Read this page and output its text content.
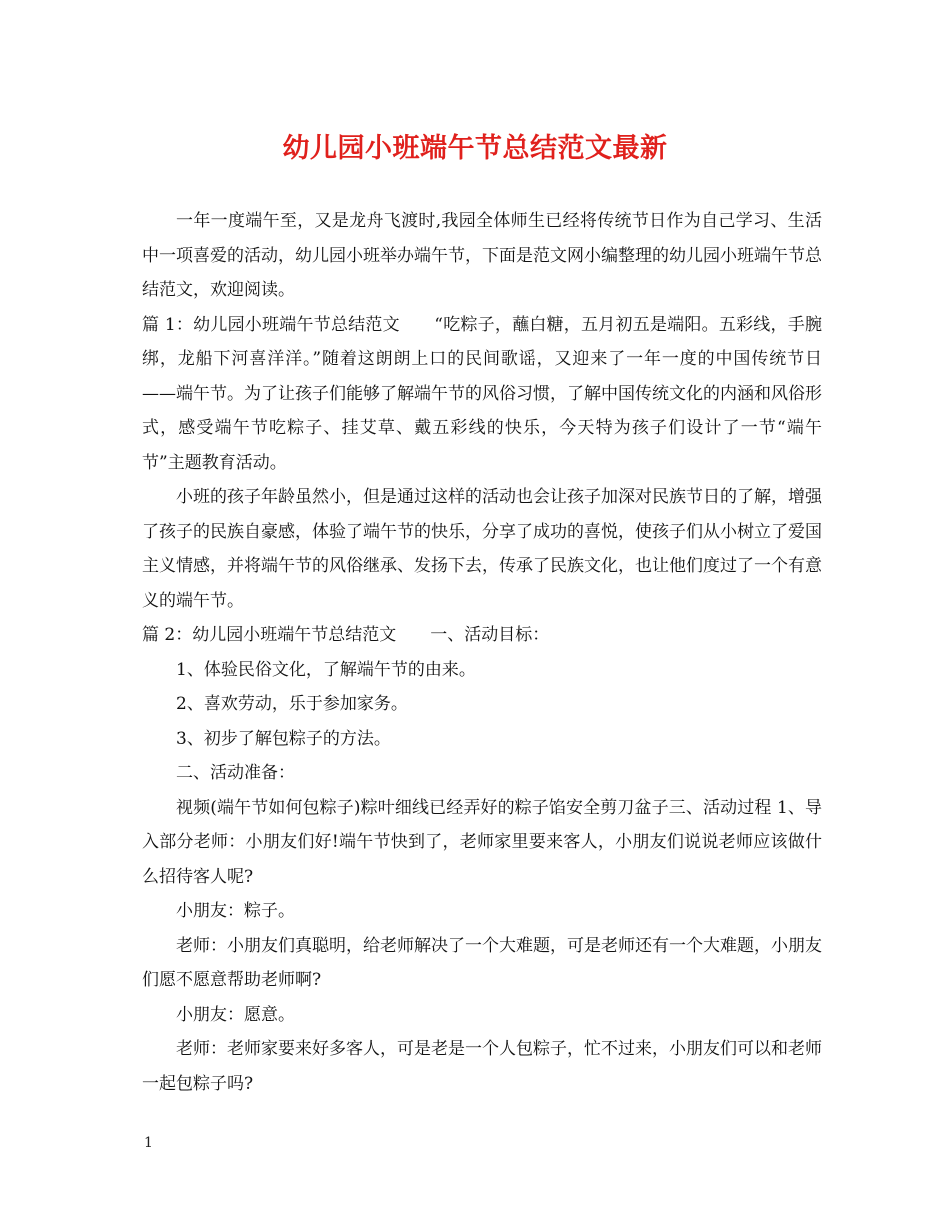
幼儿园小班端午节总结范文最新

一年一度端午至，又是龙舟飞渡时,我园全体师生已经将传统节日作为自己学习、生活中一项喜爱的活动，幼儿园小班举办端午节，下面是范文网小编整理的幼儿园小班端午节总结范文，欢迎阅读。

篇 1：幼儿园小班端午节总结范文　　“吃粽子，蘸白糖，五月初五是端阳。五彩线，手腕绑，龙船下河喜洋洋。”随着这朗朗上口的民间歌谣，又迎来了一年一度的中国传统节日——端午节。为了让孩子们能够了解端午节的风俗习惯，了解中国传统文化的内涵和风俗形式，感受端午节吃粽子、挂艾草、戴五彩线的快乐，今天特为孩子们设计了一节“端午节”主题教育活动。

小班的孩子年龄虽然小，但是通过这样的活动也会让孩子加深对民族节日的了解，增强了孩子的民族自豪感，体验了端午节的快乐，分享了成功的喜悦，使孩子们从小树立了爱国主义情感，并将端午节的风俗继承、发扬下去，传承了民族文化，也让他们度过了一个有意义的端午节。

篇 2：幼儿园小班端午节总结范文　　一、活动目标：

1、体验民俗文化，了解端午节的由来。

2、喜欢劳动，乐于参加家务。

3、初步了解包粽子的方法。

二、活动准备：

视频(端午节如何包粽子)粽叶细线已经弄好的粽子馅安全剪刀盆子三、活动过程 1、导入部分老师：小朋友们好!端午节快到了，老师家里要来客人，小朋友们说说老师应该做什么招待客人呢?

小朋友：粽子。

老师：小朋友们真聪明，给老师解决了一个大难题，可是老师还有一个大难题，小朋友们愿不愿意帮助老师啊?

小朋友：愿意。

老师：老师家要来好多客人，可是老是一个人包粽子，忙不过来，小朋友们可以和老师一起包粽子吗?

1
